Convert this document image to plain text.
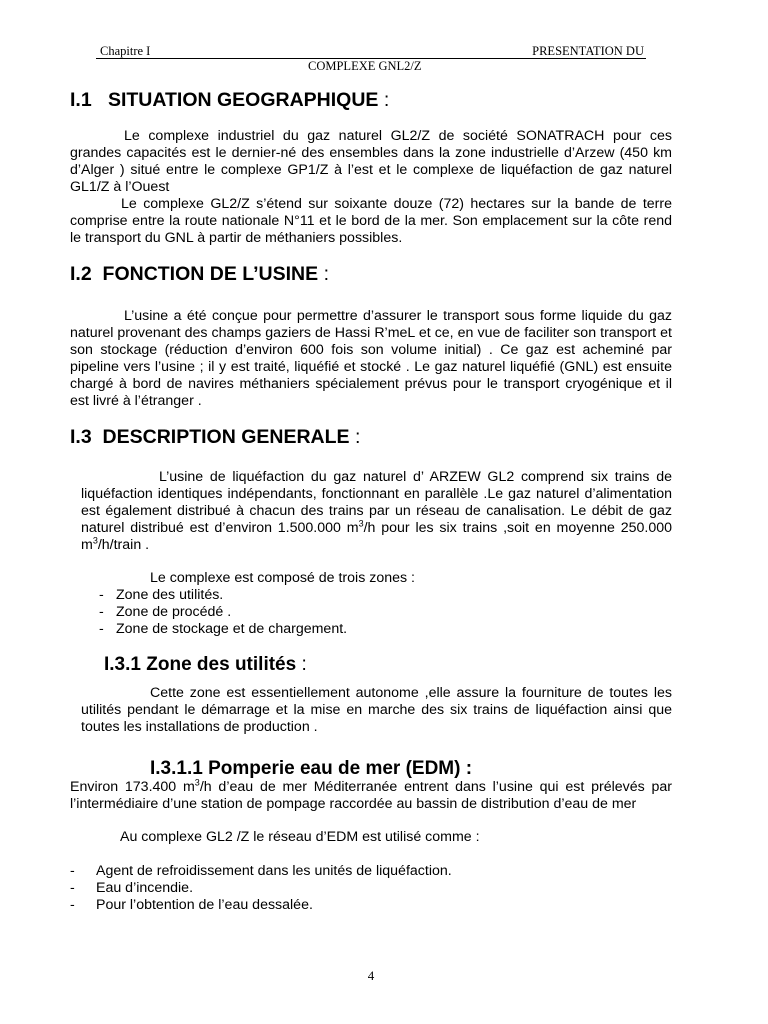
Chapitre I	PRESENTATION DU
COMPLEXE GNL2/Z
I.1 SITUATION GEOGRAPHIQUE :

Le complexe industriel du gaz naturel GL2/Z de société SONATRACH pour ces grandes capacités est le dernier-né des ensembles dans la zone industrielle d’Arzew (450 km d’Alger ) situé entre le complexe GP1/Z à l’est et le complexe de liquéfaction de gaz naturel GL1/Z à l’Ouest

Le complexe GL2/Z s’étend sur soixante douze (72) hectares sur la bande de terre comprise entre la route nationale N°11 et le bord de la mer. Son emplacement sur la côte rend le transport du GNL à partir de méthaniers possibles.

I.2 FONCTION DE L’USINE :

L’usine a été conçue pour permettre d’assurer le transport sous forme liquide du gaz naturel provenant des champs gaziers de Hassi R’meL et ce, en vue de faciliter son transport et son stockage (réduction d’environ 600 fois son volume initial) . Ce gaz est acheminé par pipeline vers l’usine ; il y est traité, liquéfié et stocké . Le gaz naturel liquéfié (GNL) est ensuite chargé à bord de navires méthaniers spécialement prévus pour le transport cryogénique et il est livré à l’étranger .

I.3 DESCRIPTION GENERALE :

L’usine de liquéfaction du gaz naturel d’ ARZEW GL2 comprend six trains de liquéfaction identiques indépendants, fonctionnant en parallèle .Le gaz naturel d’alimentation est également distribué à chacun des trains par un réseau de canalisation. Le débit de gaz naturel distribué est d’environ 1.500.000 $m^3/h$ pour les six trains ,soit en moyenne 250.000 $m^3/h$/train .

Le complexe est composé de trois zones :

- Zone des utilités.
- Zone de procédé .
- Zone de stockage et de chargement.
I.3.1 Zone des utilités :

Cette zone est essentiellement autonome ,elle assure la fourniture de toutes les utilités pendant le démarrage et la mise en marche des six trains de liquéfaction ainsi que toutes les installations de production .

I.3.1.1 Pomperie eau de mer (EDM) :

Environ 173.400 $m^3/h$ d’eau de mer Méditerranée entrent dans l’usine qui est prélevés par l’intermédiaire d’une station de pompage raccordée au bassin de distribution d’eau de mer

Au complexe GL2 /Z le réseau d’EDM est utilisé comme :

- Agent de refroidissement dans les unités de liquéfaction.
- Eau d’incendie.
- Pour l’obtention de l’eau dessalée.
4
